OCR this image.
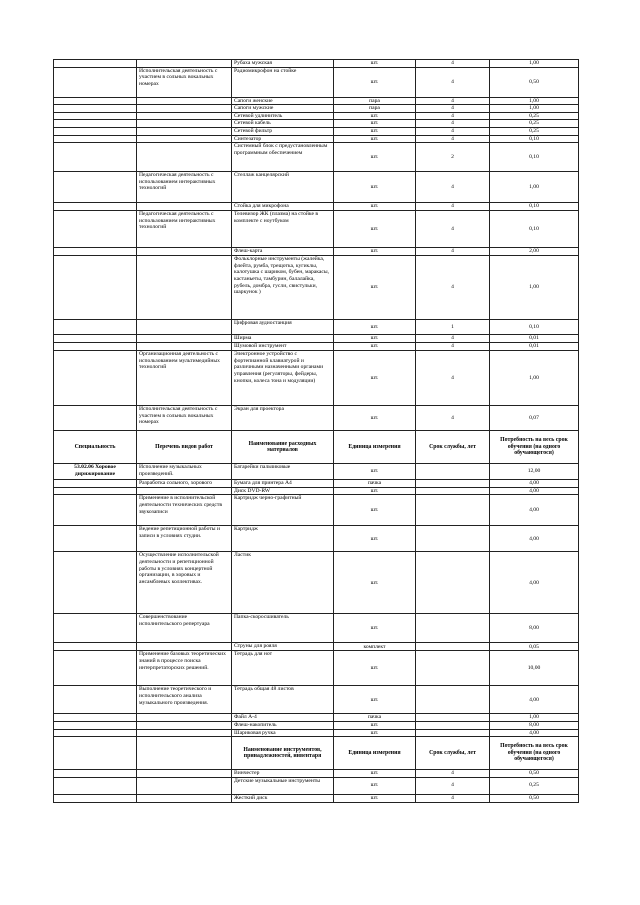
		Рубаха мужская	шт.	4	1,00
	Исполнительская деятельность с участием в сольных вокальных номерах	Радиомикрофон на стойке	шт.	4	0,50
		Сапоги женские	пара	4	1,00
		Сапоги мужские	пара	4	1,00
		Сетевой удлинитель	шт.	4	0,25
		Сетевой кабель	шт.	4	0,25
		Сетевой фильтр	шт.	4	0,25
		Синтезатор	шт.	4	0,10
		Системный блок с предустановленным программным обеспечением	шт.	2	0,10
	Педагогическая деятельность с использованием интерактивных технологий	Стеллаж канцелярский	шт.	4	1,00
		Стойка для микрофона	шт.	4	0,10
	Педагогическая деятельность с использованием интерактивных технологий	Телевизор ЖК (плазма) на стойке в комплекте с ноутбуком	шт.	4	0,10
		Флеш-карта	шт.	4	2,00
		Фольклорные инструменты (жалейка, флейта, румба, трещотка, кугиклы, калотушка с шариком, бубен, маракасы, кастаньеты, тамбурин, балалайка, рубель, домбра, гусли, свистульки, шаркунок )	шт.	4	1,00
		Цифровая аудиостанция	шт.	1	0,10
		Ширма	шт.	4	0,01
		Шумовой инструмент	шт.	4	0,01
	Организационная деятельность с использованием мультимедийных технологий	Электронное устройство с фортепианной клавиатурой и различными назначенными органами управления (регуляторы, фейдеры, кнопки, колеса тона и модуляции)	шт.	4	1,00
	Исполнительская деятельность с участием в сольных вокальных номерах	Экран для проектора	шт.	4	0,07
Специальность	Перечень видов работ	Наименование расходных материалов	Единица измерения	Срок службы, лет	Потребность на весь срок обучения (на одного обучающегося)
53.02.06 Хоровое дирижирование	Исполнение музыкальных произведений.	Батарейки пальчиковые	шт.		12,00
	Разработка сольного, хорового	Бумага для принтера А4	пачка		4,00
		Диск DVD-RW	шт.		4,00
	Применение в исполнительской деятельности технических средств звукозаписи	Картридж черно-графитный	шт.		4,00
	Ведение репетиционной работы и записи в условиях студии.	Картридж	шт.		4,00
	Осуществление исполнительской деятельности и репетиционной работы в условиях концертной организации, в хоровых и ансамблевых коллективах.	Ластик	шт.		4,00
	Совершенствование исполнительского репертуара	Папка-скоросшиватель	шт.		8,00
		Струны для рояля	комплект		0,05
	Применение базовых теоретических знаний в процессе поиска интерпретаторских решений.	Тетрадь для нот	шт.		10,00
	Выполнение теоретического и исполнительского анализа музыкального произведения.	Тетрадь общая 48 листов	шт.		4,00
		Файл А-4	пачка		1,00
		Флеш-накопитель	шт.		8,00
		Шариковая ручка	шт.		4,00
		Наименование инструментов, принадлежностей, инвентаря	Единица измерения	Срок службы, лет	Потребность на весь срок обучения (на одного обучающегося)
		Винчестер	шт.	4	0,50
		Детские музыкальные инструменты	шт.	4	0,25
		Жесткий диск	шт.	4	0,50
